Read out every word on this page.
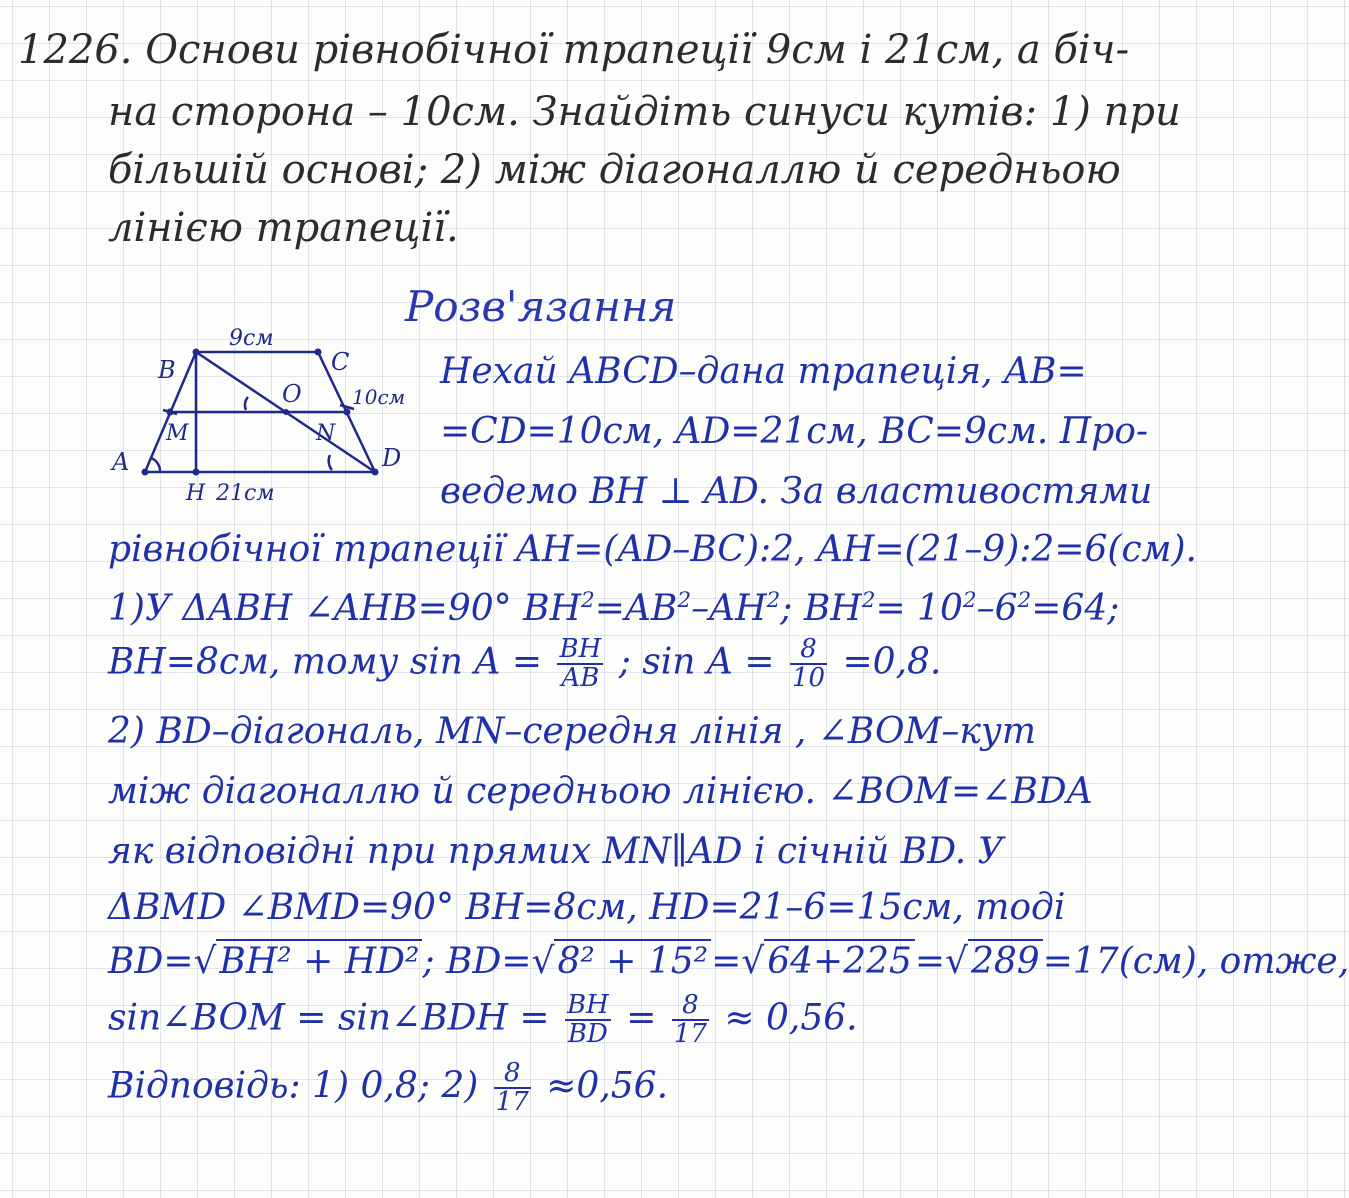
1226. Основи рівнобічної трапеції 9см і 21см, а біч-
на сторона – 10см. Знайдіть синуси кутів: 1) при
більшій основі; 2) між діагоналлю й середньою
лінією трапеції.
Розв'язання
9см
B	C
O	10см
M	N
A	D
H 21см
Нехай ABCD–дана трапеція, AB=
=CD=10см, AD=21см, BC=9см. Про-
ведемо BH ⊥ AD. За властивостями
рівнобічної трапеції AH=(AD–BC):2, AH=(21–9):2=6(см).
1)У ΔABH ∠AHB=90° $BH^2=AB^2-AH^2$; $BH^2= 10^2-6^2=64$;
BH=8см, тому $\sin A = \frac{BH}{AB}$ ; $\sin A = \frac{8}{10} =0,8$.
2) BD–діагональ, MN–середня лінія , ∠BOM–кут
між діагоналлю й середньою лінією. ∠BOM=∠BDA
як відповідні при прямих MN∥AD і січній BD. У
ΔBMD ∠BMD=90° BH=8см, HD=21–6=15см, тоді
BD=√BH² + HD²; BD=√8² + 15²=√64+225=√289=17(см), отже,
sin∠BOM = sin∠BDH = $\frac{BH}{BD} = \frac{8}{17} \approx 0,56$.
Відповідь: 1) 0,8; $2) \frac{8}{17} \approx 0,56$.
